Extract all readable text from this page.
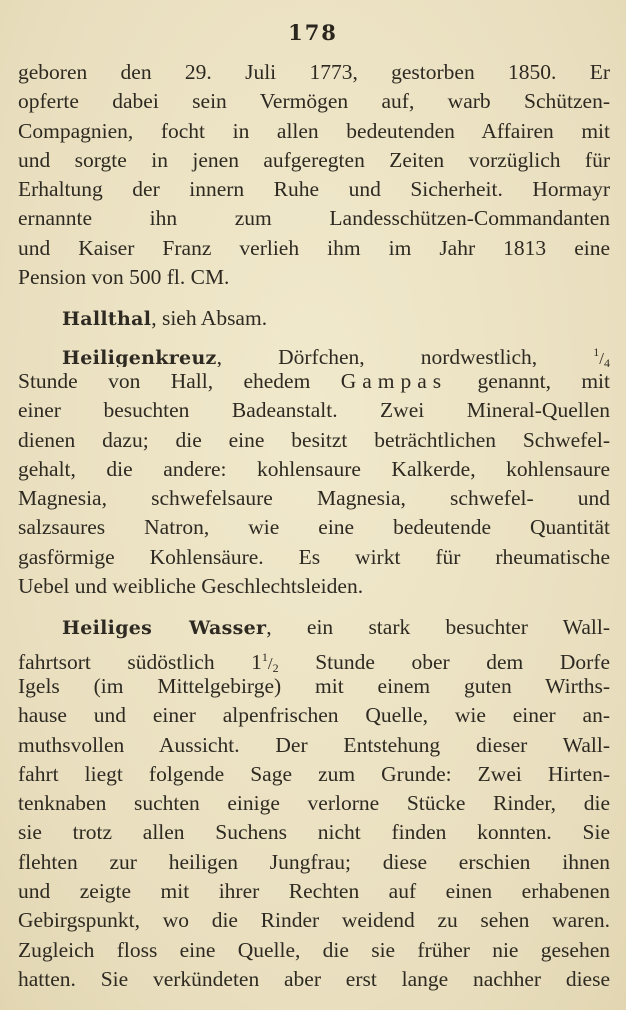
178
geboren den 29. Juli 1773, gestorben 1850. Er
opferte dabei sein Vermögen auf, warb Schützen-
Compagnien, focht in allen bedeutenden Affairen mit
und sorgte in jenen aufgeregten Zeiten vorzüglich für
Erhaltung der innern Ruhe und Sicherheit. Hormayr
ernannte ihn zum Landesschützen-Commandanten
und Kaiser Franz verlieh ihm im Jahr 1813 eine
Pension von 500 fl. CM.
Hallthal, sieh Absam.
Heiligenkreuz, Dörfchen, nordwestlich,	$^1/_4$
Stunde von Hall, ehedem Gampas genannt, mit
einer besuchten Badeanstalt. Zwei Mineral-Quellen
dienen dazu; die eine besitzt beträchtlichen Schwefel-
gehalt, die andere: kohlensaure Kalkerde, kohlensaure
Magnesia, schwefelsaure Magnesia, schwefel- und
salzsaures Natron, wie eine bedeutende Quantität
gasförmige Kohlensäure. Es wirkt für rheumatische
Uebel und weibliche Geschlechtsleiden.
Heiliges Wasser, ein stark besuchter Wall-
fahrtsort südöstlich $1^1/_2$ Stunde ober dem Dorfe
Igels (im Mittelgebirge) mit einem guten Wirths-
hause und einer alpenfrischen Quelle, wie einer an-
muthsvollen Aussicht. Der Entstehung dieser Wall-
fahrt liegt folgende Sage zum Grunde: Zwei Hirten-
tenknaben suchten einige verlorne Stücke Rinder, die
sie trotz allen Suchens nicht finden konnten. Sie
flehten zur heiligen Jungfrau; diese erschien ihnen
und zeigte mit ihrer Rechten auf einen erhabenen
Gebirgspunkt, wo die Rinder weidend zu sehen waren.
Zugleich floss eine Quelle, die sie früher nie gesehen
hatten. Sie verkündeten aber erst lange nachher diese
